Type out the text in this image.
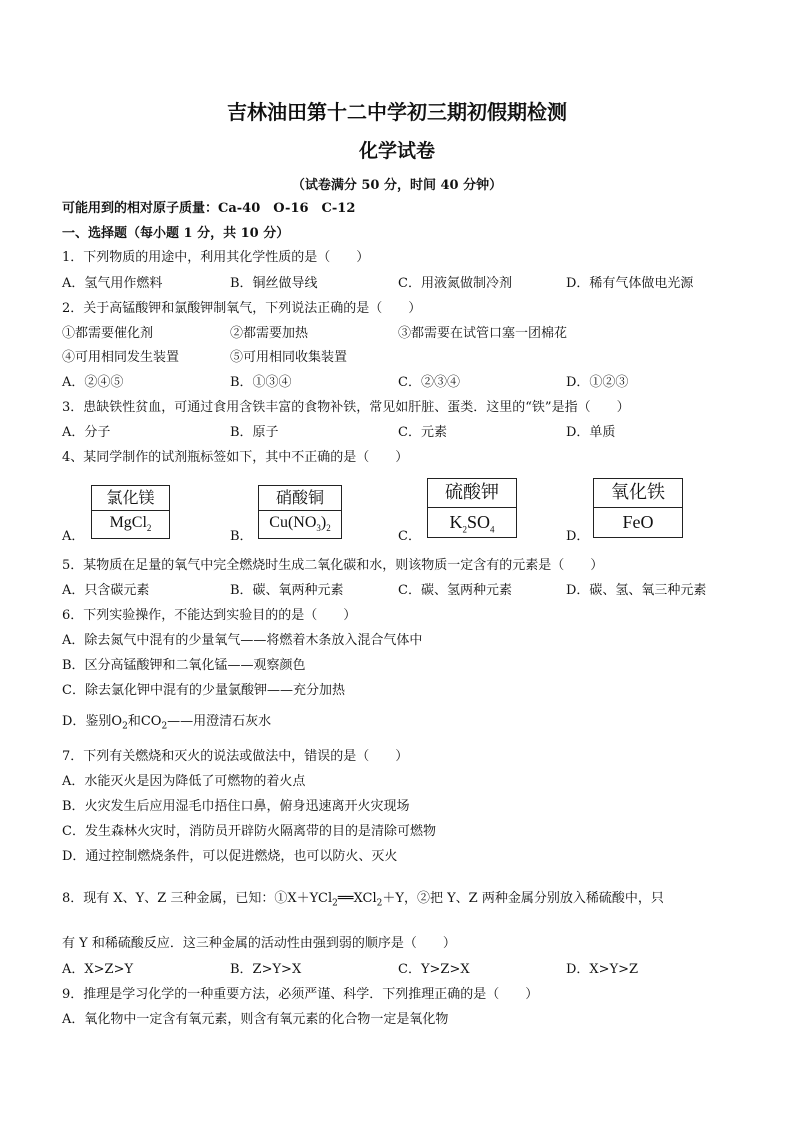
吉林油田第十二中学初三期初假期检测
化学试卷
（试卷满分 50 分，时间 40 分钟）
可能用到的相对原子质量：Ca-40　O-16　C-12
一、选择题（每小题 1 分，共 10 分）
1．下列物质的用途中，利用其化学性质的是（　　）
A．氢气用作燃料	B．铜丝做导线	C．用液氮做制冷剂	D．稀有气体做电光源
2．关于高锰酸钾和氯酸钾制氧气，下列说法正确的是（　　）
①都需要催化剂	②都需要加热	③都需要在试管口塞一团棉花
④可用相同发生装置	⑤可用相同收集装置
A．②④⑤	B．①③④	C．②③④	D．①②③
3．患缺铁性贫血，可通过食用含铁丰富的食物补铁，常见如肝脏、蛋类．这里的“铁”是指（　　）
A．分子	B．原子	C．元素	D．单质
4、某同学制作的试剂瓶标签如下，其中不正确的是（　　）
A．
氯化镁
MgCl$_2$
B．
硝酸铜
$Cu(NO_3)_2$
C．
硫酸钾
$K_2SO_4$	D．
氧化铁
FeO
5．某物质在足量的氧气中完全燃烧时生成二氧化碳和水，则该物质一定含有的元素是（　　）
A．只含碳元素	B．碳、氧两种元素	C．碳、氢两种元素	D．碳、氢、氧三种元素
6．下列实验操作，不能达到实验目的的是（　　）
A．除去氮气中混有的少量氧气——将燃着木条放入混合气体中
B．区分高锰酸钾和二氧化锰——观察颜色
C．除去氯化钾中混有的少量氯酸钾——充分加热
D．鉴别$O_2$和$CO_2——$用澄清石灰水
7．下列有关燃烧和灭火的说法或做法中，错误的是（　　）
A．水能灭火是因为降低了可燃物的着火点
B．火灾发生后应用湿毛巾捂住口鼻，俯身迅速离开火灾现场
C．发生森林火灾时，消防员开辟防火隔离带的目的是清除可燃物
D．通过控制燃烧条件，可以促进燃烧，也可以防火、灭火
8．现有 X、Y、Z 三种金属，已知：①X＋YCl$_2$══XCl$_2$＋Y，②把 Y、Z 两种金属分别放入稀硫酸中，只
有 Y 和稀硫酸反应．这三种金属的活动性由强到弱的顺序是（　　）
A．X>Z>Y	B．Z>Y>X	C．Y>Z>X	D．X>Y>Z
9．推理是学习化学的一种重要方法，必须严谨、科学．下列推理正确的是（　　）
A．氧化物中一定含有氧元素，则含有氧元素的化合物一定是氧化物
